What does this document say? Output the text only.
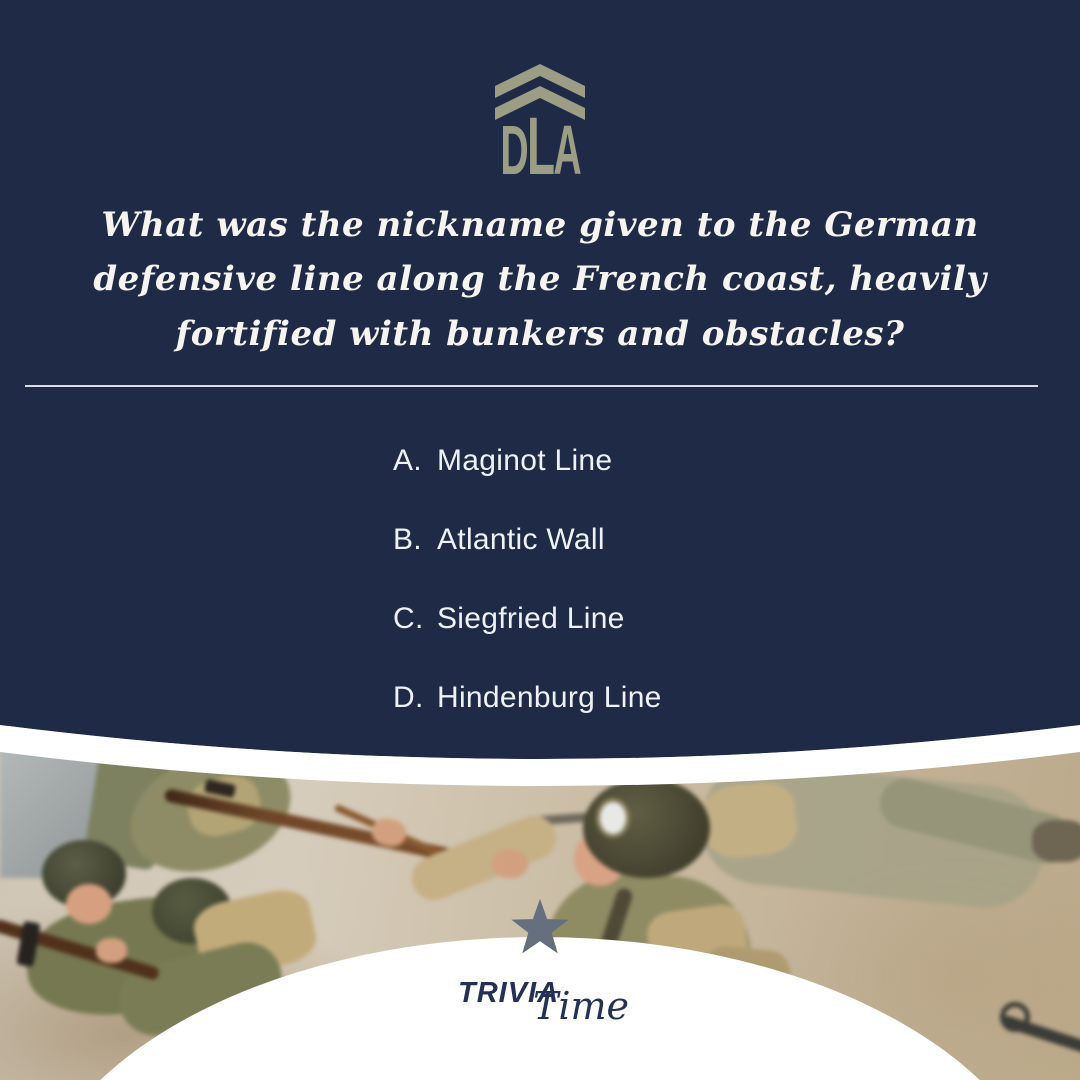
DLA
What was the nickname given to the German defensive line along the French coast, heavily fortified with bunkers and obstacles?
A. Maginot Line
B. Atlantic Wall
C. Siegfried Line
D. Hindenburg Line
TRIVIA
Time
